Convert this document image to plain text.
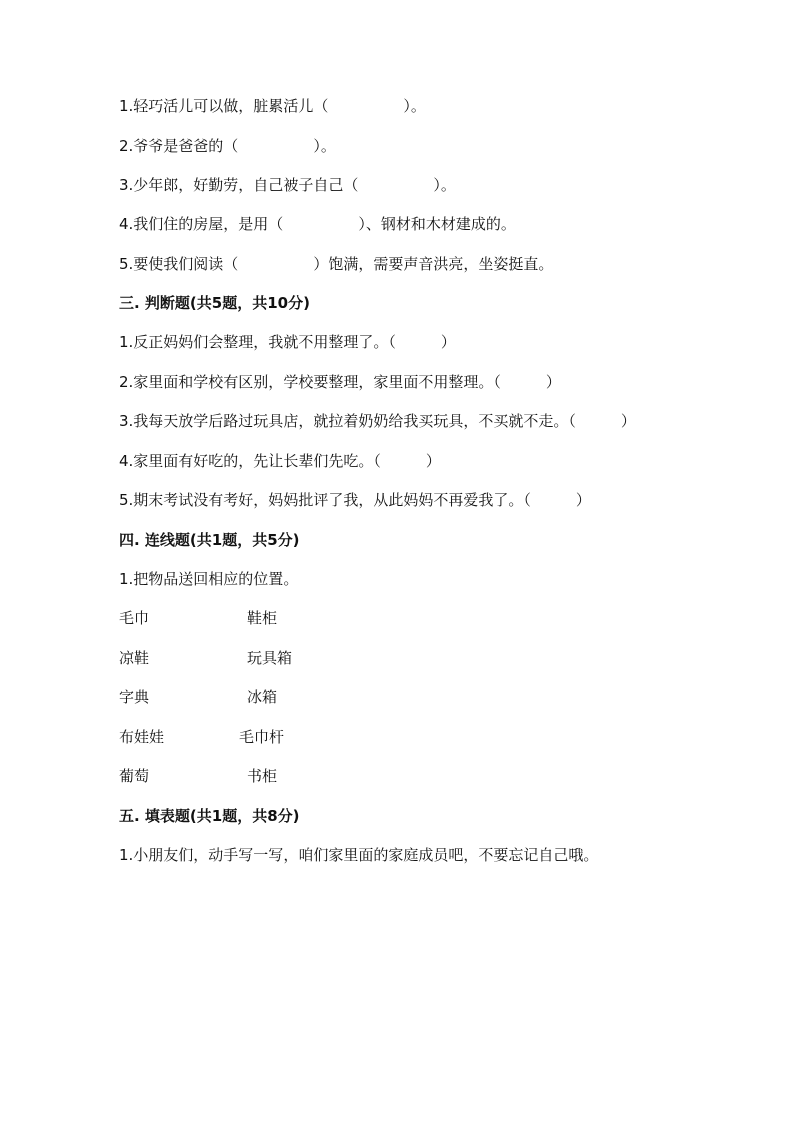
1.轻巧活儿可以做，脏累活儿（　　　　　）。
2.爷爷是爸爸的（　　　　　）。
3.少年郎，好勤劳，自己被子自己（　　　　　）。
4.我们住的房屋，是用（　　　　　）、钢材和木材建成的。
5.要使我们阅读（　　　　　）饱满，需要声音洪亮，坐姿挺直。
三. 判断题(共5题，共10分)
1.反正妈妈们会整理，我就不用整理了。（　　　）
2.家里面和学校有区别，学校要整理，家里面不用整理。（　　　）
3.我每天放学后路过玩具店，就拉着奶奶给我买玩具，不买就不走。（　　　）
4.家里面有好吃的，先让长辈们先吃。（　　　）
5.期末考试没有考好，妈妈批评了我，从此妈妈不再爱我了。（　　　）
四. 连线题(共1题，共5分)
1.把物品送回相应的位置。
毛巾	鞋柜
凉鞋	玩具箱
字典	冰箱
布娃娃	毛巾杆
葡萄	书柜
五. 填表题(共1题，共8分)
1.小朋友们，动手写一写，咱们家里面的家庭成员吧，不要忘记自己哦。
